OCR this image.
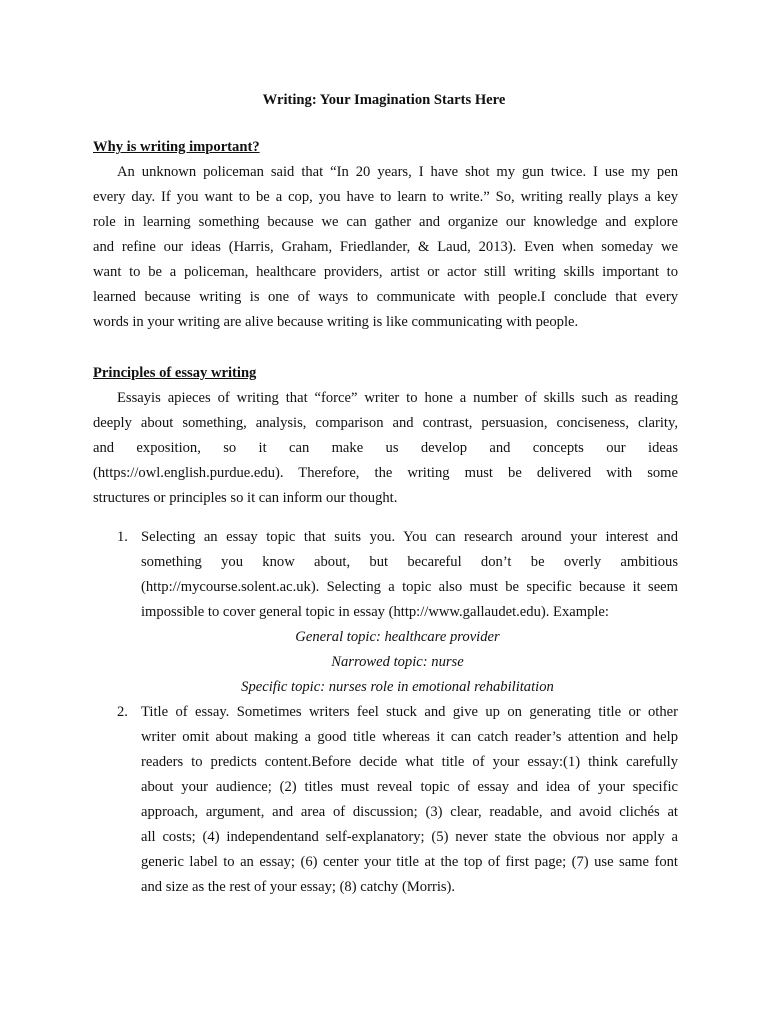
Writing: Your Imagination Starts Here
Why is writing important?
An unknown policeman said that “In 20 years, I have shot my gun twice. I use my pen
every day. If you want to be a cop, you have to learn to write.” So, writing really plays a key
role in learning something because we can gather and organize our knowledge and explore
and refine our ideas (Harris, Graham, Friedlander, & Laud, 2013). Even when someday we
want to be a policeman, healthcare providers, artist or actor still writing skills important to
learned because writing is one of ways to communicate with people.I conclude that every
words in your writing are alive because writing is like communicating with people.
Principles of essay writing
Essayis apieces of writing that “force” writer to hone a number of skills such as reading
deeply about something, analysis, comparison and contrast, persuasion, conciseness, clarity,
and exposition, so it can make us develop and concepts our ideas
(https://owl.english.purdue.edu). Therefore, the writing must be delivered with some
structures or principles so it can inform our thought.
1. Selecting an essay topic that suits you. You can research around your interest and
something you know about, but becareful don’t be overly ambitious
(http://mycourse.solent.ac.uk). Selecting a topic also must be specific because it seem
impossible to cover general topic in essay (http://www.gallaudet.edu). Example:
General topic: healthcare provider
Narrowed topic: nurse
Specific topic: nurses role in emotional rehabilitation
2. Title of essay. Sometimes writers feel stuck and give up on generating title or other
writer omit about making a good title whereas it can catch reader’s attention and help
readers to predicts content.Before decide what title of your essay:(1) think carefully
about your audience; (2) titles must reveal topic of essay and idea of your specific
approach, argument, and area of discussion; (3) clear, readable, and avoid clichés at
all costs; (4) independentand self-explanatory; (5) never state the obvious nor apply a
generic label to an essay; (6) center your title at the top of first page; (7) use same font
and size as the rest of your essay; (8) catchy (Morris).
